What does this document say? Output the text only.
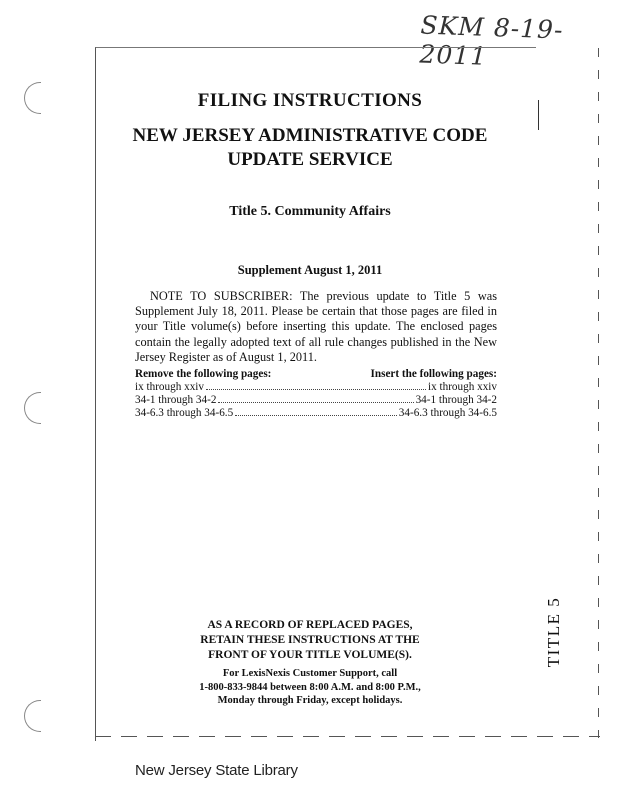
SKM 8-19-2011
FILING INSTRUCTIONS
NEW JERSEY ADMINISTRATIVE CODE
UPDATE SERVICE
Title 5. Community Affairs
Supplement August 1, 2011
NOTE TO SUBSCRIBER: The previous update to Title 5 was Supplement July 18, 2011. Please be certain that those pages are filed in your Title volume(s) before inserting this update. The enclosed pages contain the legally adopted text of all rule changes published in the New Jersey Register as of August 1, 2011.
Remove the following pages:	Insert the following pages:
ix through xxiv	ix through xxiv
34-1 through 34-2	34-1 through 34-2
34-6.3 through 34-6.5	34-6.3 through 34-6.5
AS A RECORD OF REPLACED PAGES,
RETAIN THESE INSTRUCTIONS AT THE
FRONT OF YOUR TITLE VOLUME(S).
For LexisNexis Customer Support, call
1-800-833-9844 between 8:00 A.M. and 8:00 P.M.,
Monday through Friday, except holidays.
TITLE 5
New Jersey State Library
